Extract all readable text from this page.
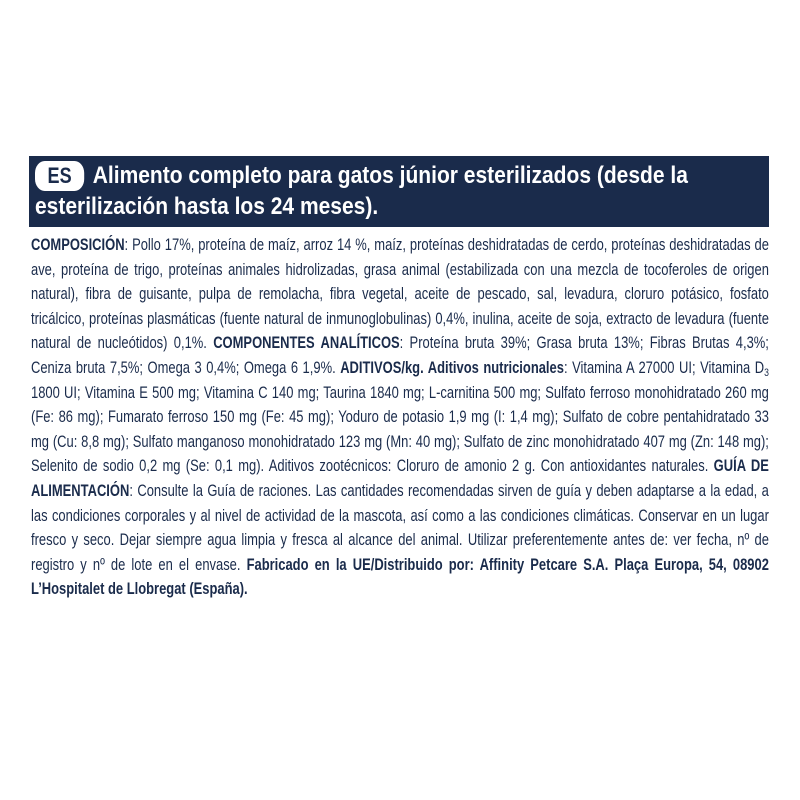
Alimento completo para gatos júnior esterilizados (desde la esterilización hasta los 24 meses).
ES
COMPOSICIÓN: Pollo 17%, proteína de maíz, arroz 14 %, maíz, proteínas deshidratadas de cerdo, proteínas deshidratadas de ave, proteína de trigo, proteínas animales hidrolizadas, grasa animal (estabilizada con una mezcla de tocoferoles de origen natural), fibra de guisante, pulpa de remolacha, fibra vegetal, aceite de pescado, sal, levadura, cloruro potásico, fosfato tricálcico, proteínas plasmáticas (fuente natural de inmunoglobulinas) 0,4%, inulina, aceite de soja, extracto de levadura (fuente natural de nucleótidos) 0,1%. COMPONENTES ANALÍTICOS: Proteína bruta 39%; Grasa bruta 13%; Fibras Brutas 4,3%; Ceniza bruta 7,5%; Omega 3 0,4%; Omega 6 1,9%. ADITIVOS/kg. Aditivos nutricionales: Vitamina A 27000 UI; Vitamina $D_3$ 1800 UI; Vitamina E 500 mg; Vitamina C 140 mg; Taurina 1840 mg; L-carnitina 500 mg; Sulfato ferroso monohidratado 260 mg (Fe: 86 mg); Fumarato ferroso 150 mg (Fe: 45 mg); Yoduro de potasio 1,9 mg (I: 1,4 mg); Sulfato de cobre pentahidratado 33 mg (Cu: 8,8 mg); Sulfato manganoso monohidratado 123 mg (Mn: 40 mg); Sulfato de zinc monohidratado 407 mg (Zn: 148 mg); Selenito de sodio 0,2 mg (Se: 0,1 mg). Aditivos zootécnicos: Cloruro de amonio 2 g. Con antioxidantes naturales. GUÍA DE ALIMENTACIÓN: Consulte la Guía de raciones. Las cantidades recomendadas sirven de guía y deben adaptarse a la edad, a las condiciones corporales y al nivel de actividad de la mascota, así como a las condiciones climáticas. Conservar en un lugar fresco y seco. Dejar siempre agua limpia y fresca al alcance del animal. Utilizar preferentemente antes de: ver fecha, nº de registro y nº de lote en el envase. Fabricado en la UE/Distribuido por: Affinity Petcare S.A. Plaça Europa, 54, 08902 L’Hospitalet de Llobregat (España).
